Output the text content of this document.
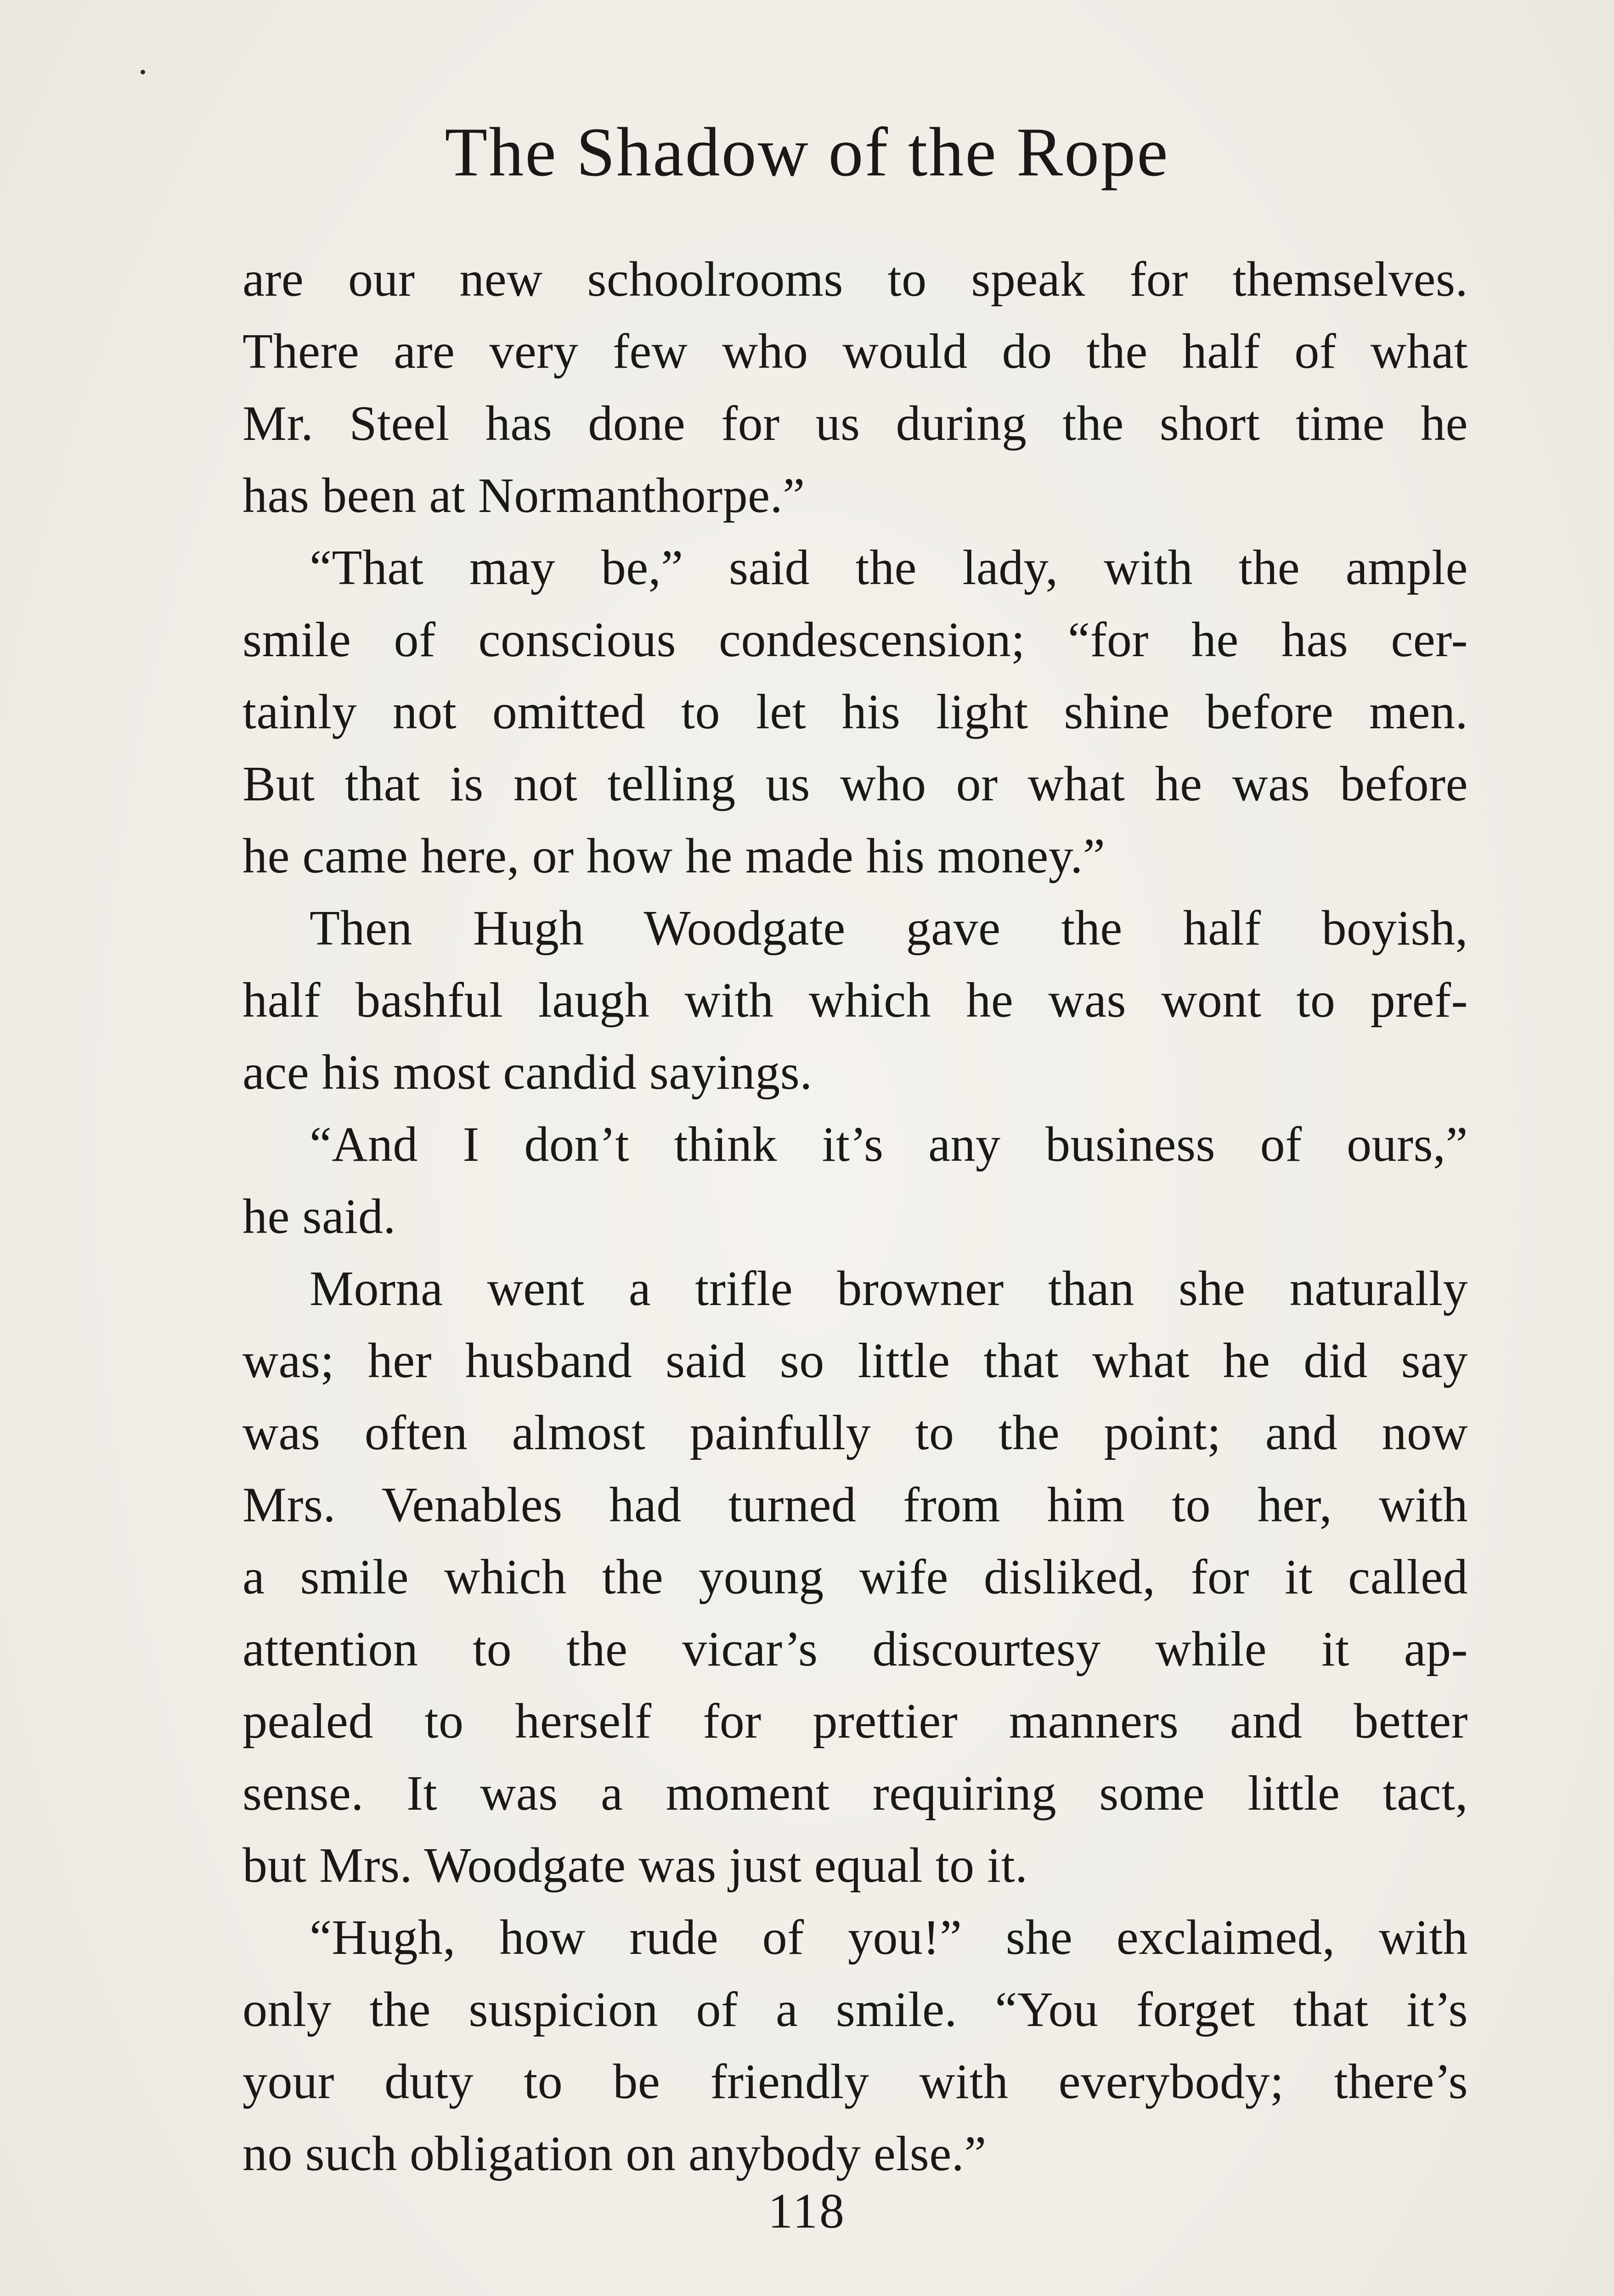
The Shadow of the Rope
are our new schoolrooms to speak for themselves.
There are very few who would do the half of what
Mr. Steel has done for us during the short time he
has been at Normanthorpe.”
“That may be,” said the lady, with the ample
smile of conscious condescension; “for he has cer-
tainly not omitted to let his light shine before men.
But that is not telling us who or what he was before
he came here, or how he made his money.”
Then Hugh Woodgate gave the half boyish,
half bashful laugh with which he was wont to pref-
ace his most candid sayings.
“And I don’t think it’s any business of ours,”
he said.
Morna went a trifle browner than she naturally
was; her husband said so little that what he did say
was often almost painfully to the point; and now
Mrs. Venables had turned from him to her, with
a smile which the young wife disliked, for it called
attention to the vicar’s discourtesy while it ap-
pealed to herself for prettier manners and better
sense. It was a moment requiring some little tact,
but Mrs. Woodgate was just equal to it.
“Hugh, how rude of you!” she exclaimed, with
only the suspicion of a smile. “You forget that it’s
your duty to be friendly with everybody; there’s
no such obligation on anybody else.”
118
